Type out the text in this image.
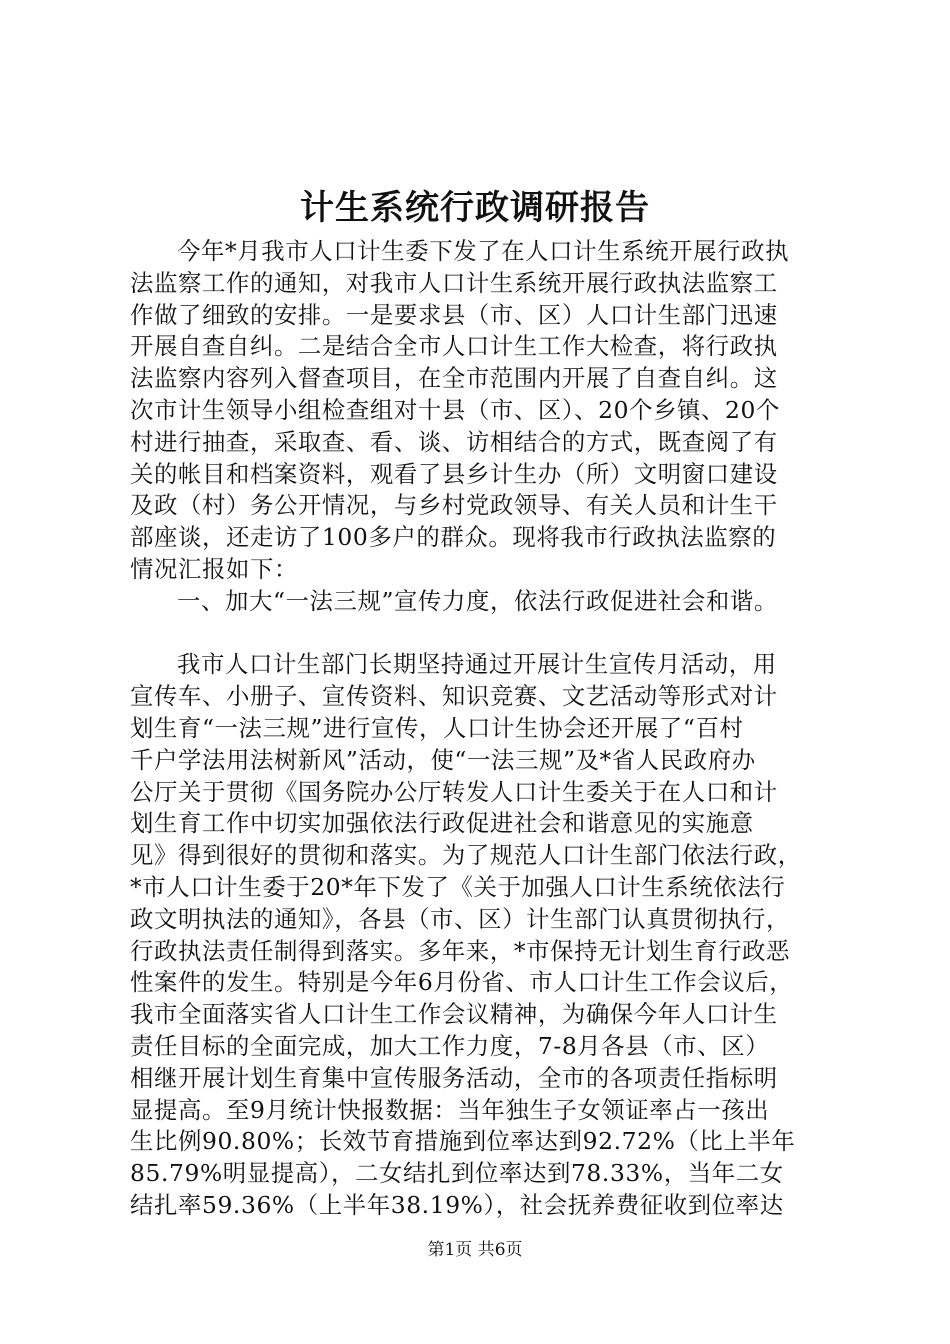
计生系统行政调研报告
今年*月我市人口计生委下发了在人口计生系统开展行政执
法监察工作的通知，对我市人口计生系统开展行政执法监察工
作做了细致的安排。一是要求县（市、区）人口计生部门迅速
开展自查自纠。二是结合全市人口计生工作大检查，将行政执
法监察内容列入督查项目，在全市范围内开展了自查自纠。这
次市计生领导小组检查组对十县（市、区）、20个乡镇、20个
村进行抽查，采取查、看、谈、访相结合的方式，既查阅了有
关的帐目和档案资料，观看了县乡计生办（所）文明窗口建设
及政（村）务公开情况，与乡村党政领导、有关人员和计生干
部座谈，还走访了100多户的群众。现将我市行政执法监察的
情况汇报如下：
一、加大“一法三规”宣传力度，依法行政促进社会和谐。
我市人口计生部门长期坚持通过开展计生宣传月活动，用
宣传车、小册子、宣传资料、知识竞赛、文艺活动等形式对计
划生育“一法三规”进行宣传，人口计生协会还开展了“百村
千户学法用法树新风”活动，使“一法三规”及*省人民政府办
公厅关于贯彻《国务院办公厅转发人口计生委关于在人口和计
划生育工作中切实加强依法行政促进社会和谐意见的实施意
见》得到很好的贯彻和落实。为了规范人口计生部门依法行政，
*市人口计生委于20*年下发了《关于加强人口计生系统依法行
政文明执法的通知》，各县（市、区）计生部门认真贯彻执行，
行政执法责任制得到落实。多年来，*市保持无计划生育行政恶
性案件的发生。特别是今年6月份省、市人口计生工作会议后，
我市全面落实省人口计生工作会议精神，为确保今年人口计生
责任目标的全面完成，加大工作力度，7-8月各县（市、区）
相继开展计划生育集中宣传服务活动，全市的各项责任指标明
显提高。至9月统计快报数据：当年独生子女领证率占一孩出
生比例90.80%；长效节育措施到位率达到92.72%（比上半年
85.79%明显提高），二女结扎到位率达到78.33%，当年二女
结扎率59.36%（上半年38.19%），社会抚养费征收到位率达
第1页 共6页
